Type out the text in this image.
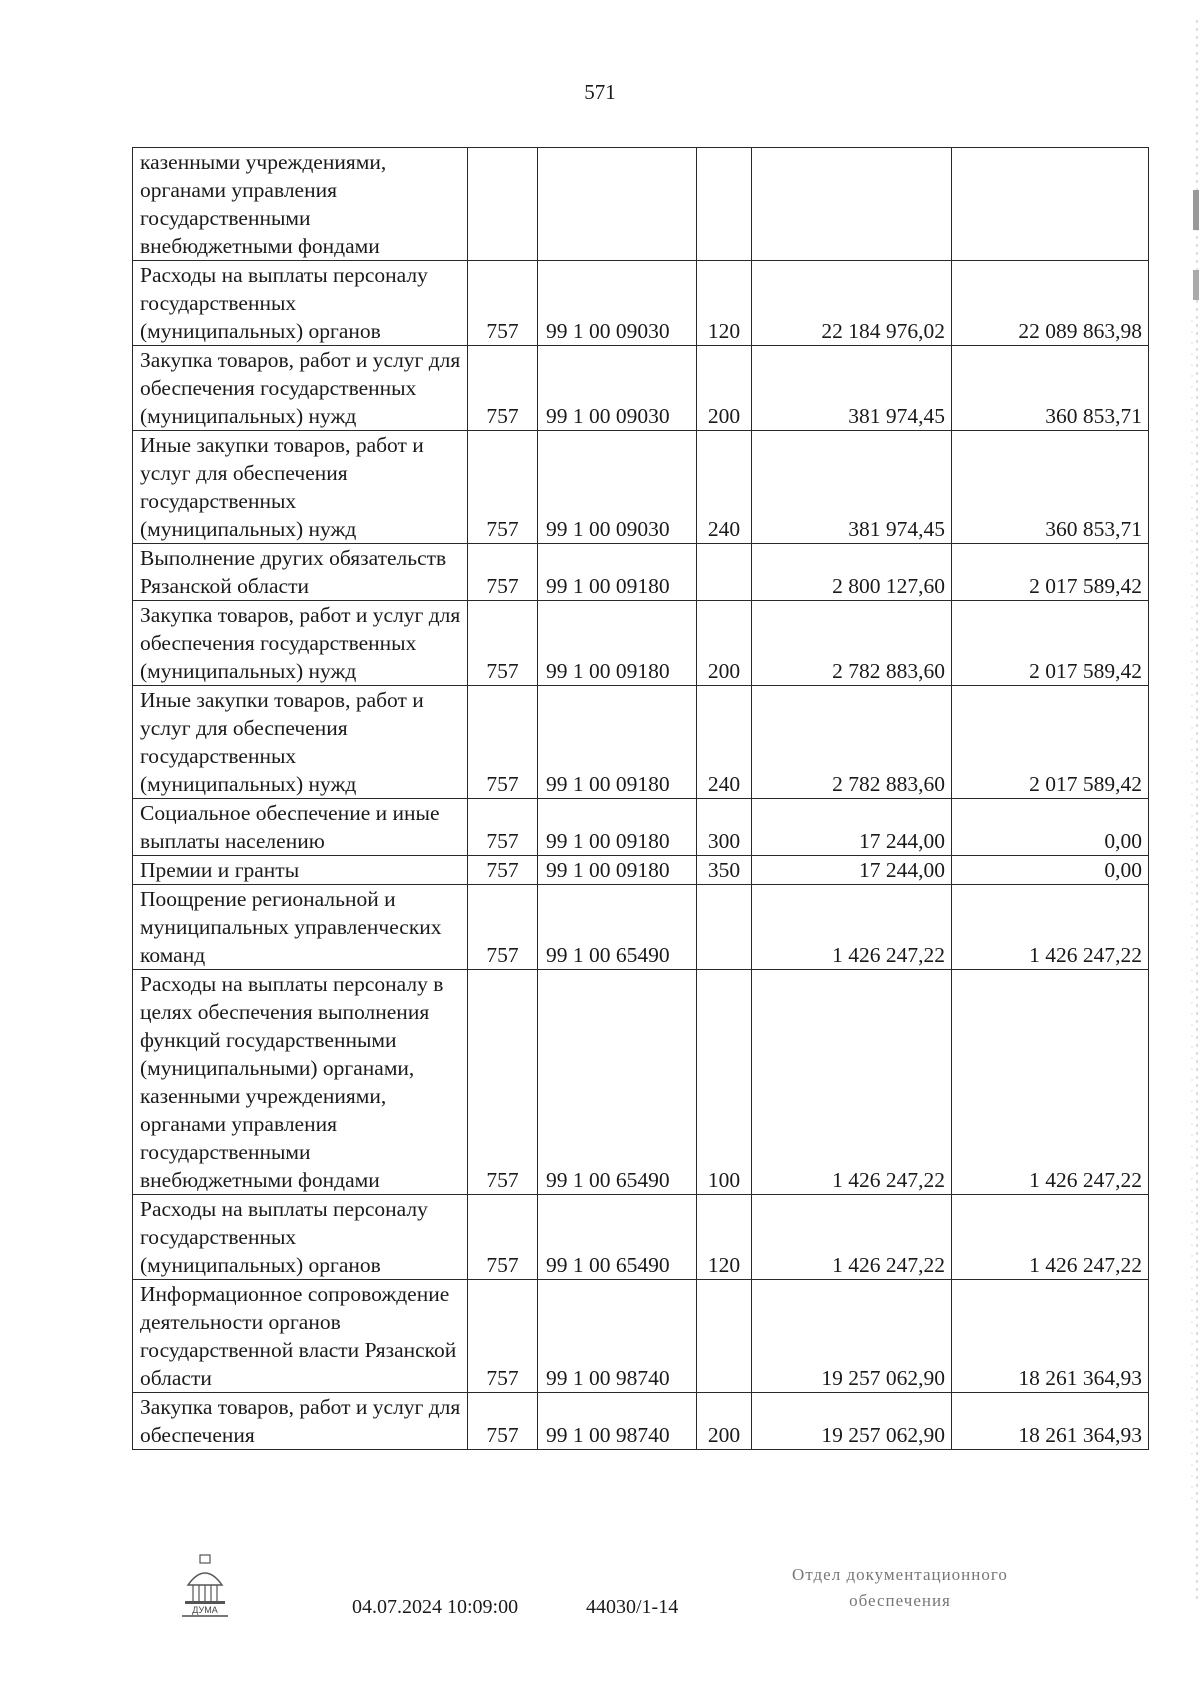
571
казенными учреждениями, органами управления государственными внебюджетными фондами					
Расходы на выплаты персоналу государственных (муниципальных) органов	757	99 1 00 09030	120	22 184 976,02	22 089 863,98
Закупка товаров, работ и услуг для обеспечения государственных (муниципальных) нужд	757	99 1 00 09030	200	381 974,45	360 853,71
Иные закупки товаров, работ и услуг для обеспечения государственных (муниципальных) нужд	757	99 1 00 09030	240	381 974,45	360 853,71
Выполнение других обязательств Рязанской области	757	99 1 00 09180		2 800 127,60	2 017 589,42
Закупка товаров, работ и услуг для обеспечения государственных (муниципальных) нужд	757	99 1 00 09180	200	2 782 883,60	2 017 589,42
Иные закупки товаров, работ и услуг для обеспечения государственных (муниципальных) нужд	757	99 1 00 09180	240	2 782 883,60	2 017 589,42
Социальное обеспечение и иные выплаты населению	757	99 1 00 09180	300	17 244,00	0,00
Премии и гранты	757	99 1 00 09180	350	17 244,00	0,00
Поощрение региональной и муниципальных управленческих команд	757	99 1 00 65490		1 426 247,22	1 426 247,22
Расходы на выплаты персоналу в целях обеспечения выполнения функций государственными (муниципальными) органами, казенными учреждениями, органами управления государственными внебюджетными фондами	757	99 1 00 65490	100	1 426 247,22	1 426 247,22
Расходы на выплаты персоналу государственных (муниципальных) органов	757	99 1 00 65490	120	1 426 247,22	1 426 247,22
Информационное сопровождение деятельности органов государственной власти Рязанской области	757	99 1 00 98740		19 257 062,90	18 261 364,93
Закупка товаров, работ и услуг для обеспечения	757	99 1 00 98740	200	19 257 062,90	18 261 364,93
ДУМА	04.07.2024 10:09:00	44030/1-14
Отдел документационного
обеспечения
